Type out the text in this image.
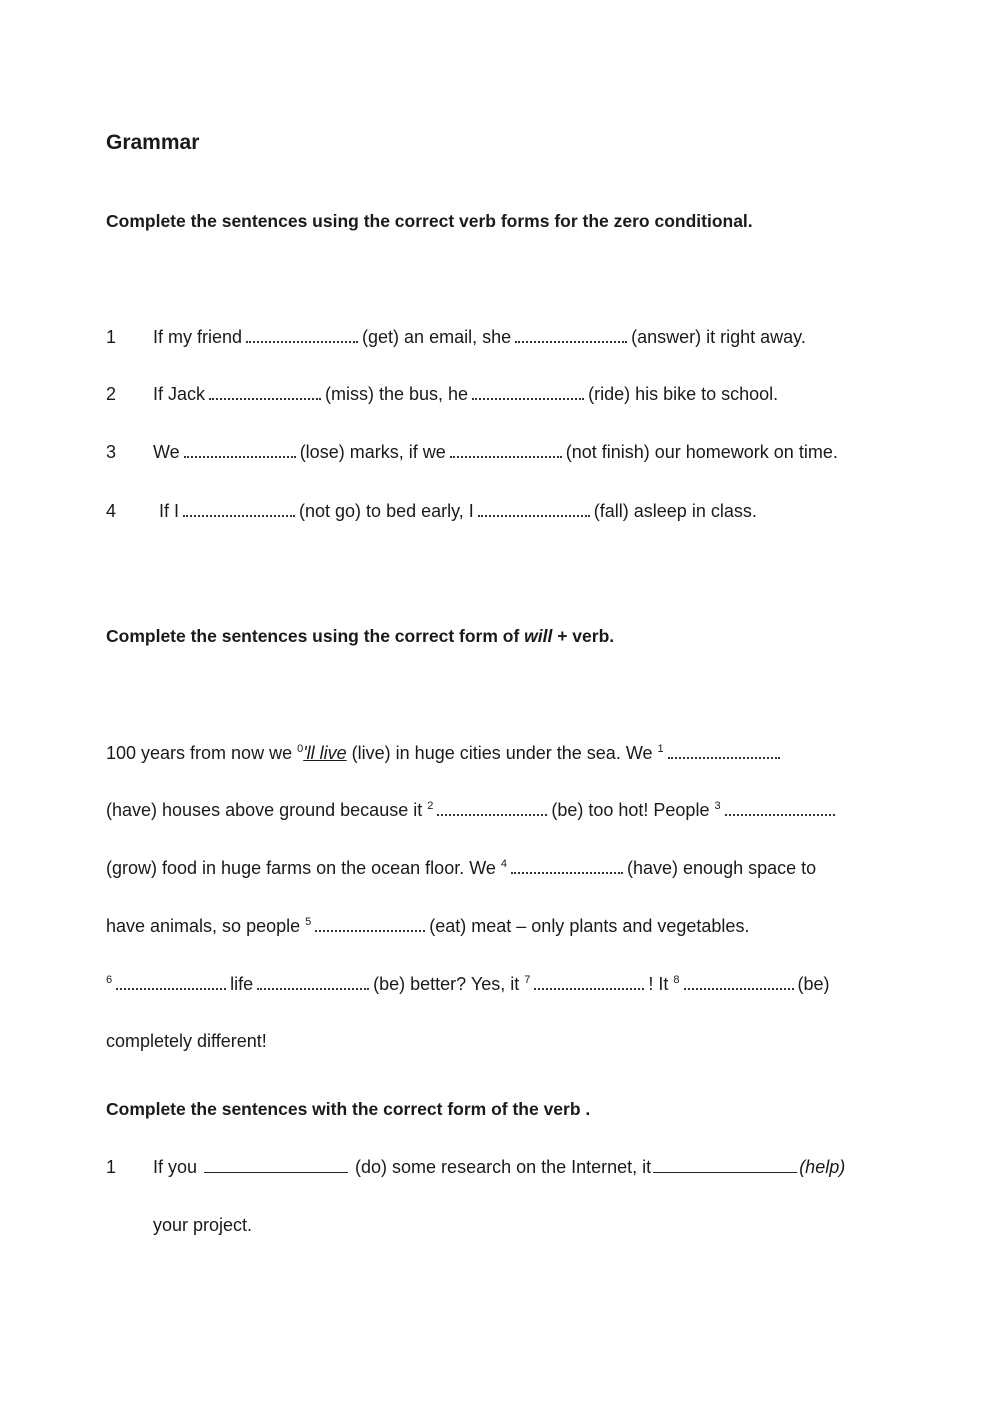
Grammar
Complete the sentences using the correct verb forms for the zero conditional.
1 If my friend	(get) an email, she	(answer) it right away.
2 If Jack	(miss) the bus, he	(ride) his bike to school.
3 We	(lose) marks, if we	(not finish) our homework on time.
4 If I	(not go) to bed early, I	(fall) asleep in class.
Complete the sentences using the correct form of will + verb.
100 years from now we $^0$'ll live (live) in huge cities under the sea. We $^1$
(have) houses above ground because it $^2$	(be) too hot! People $^3$
(grow) food in huge farms on the ocean floor. We $^4$	(have) enough space to
have animals, so people $^5$	(eat) meat – only plants and vegetables.
$^6$	life	(be) better? Yes, it $^7$	! It $^8$	(be)
completely different!
Complete the sentences with the correct form of the verb .
1 If you	(do) some research on the Internet, it	(help)
your project.
